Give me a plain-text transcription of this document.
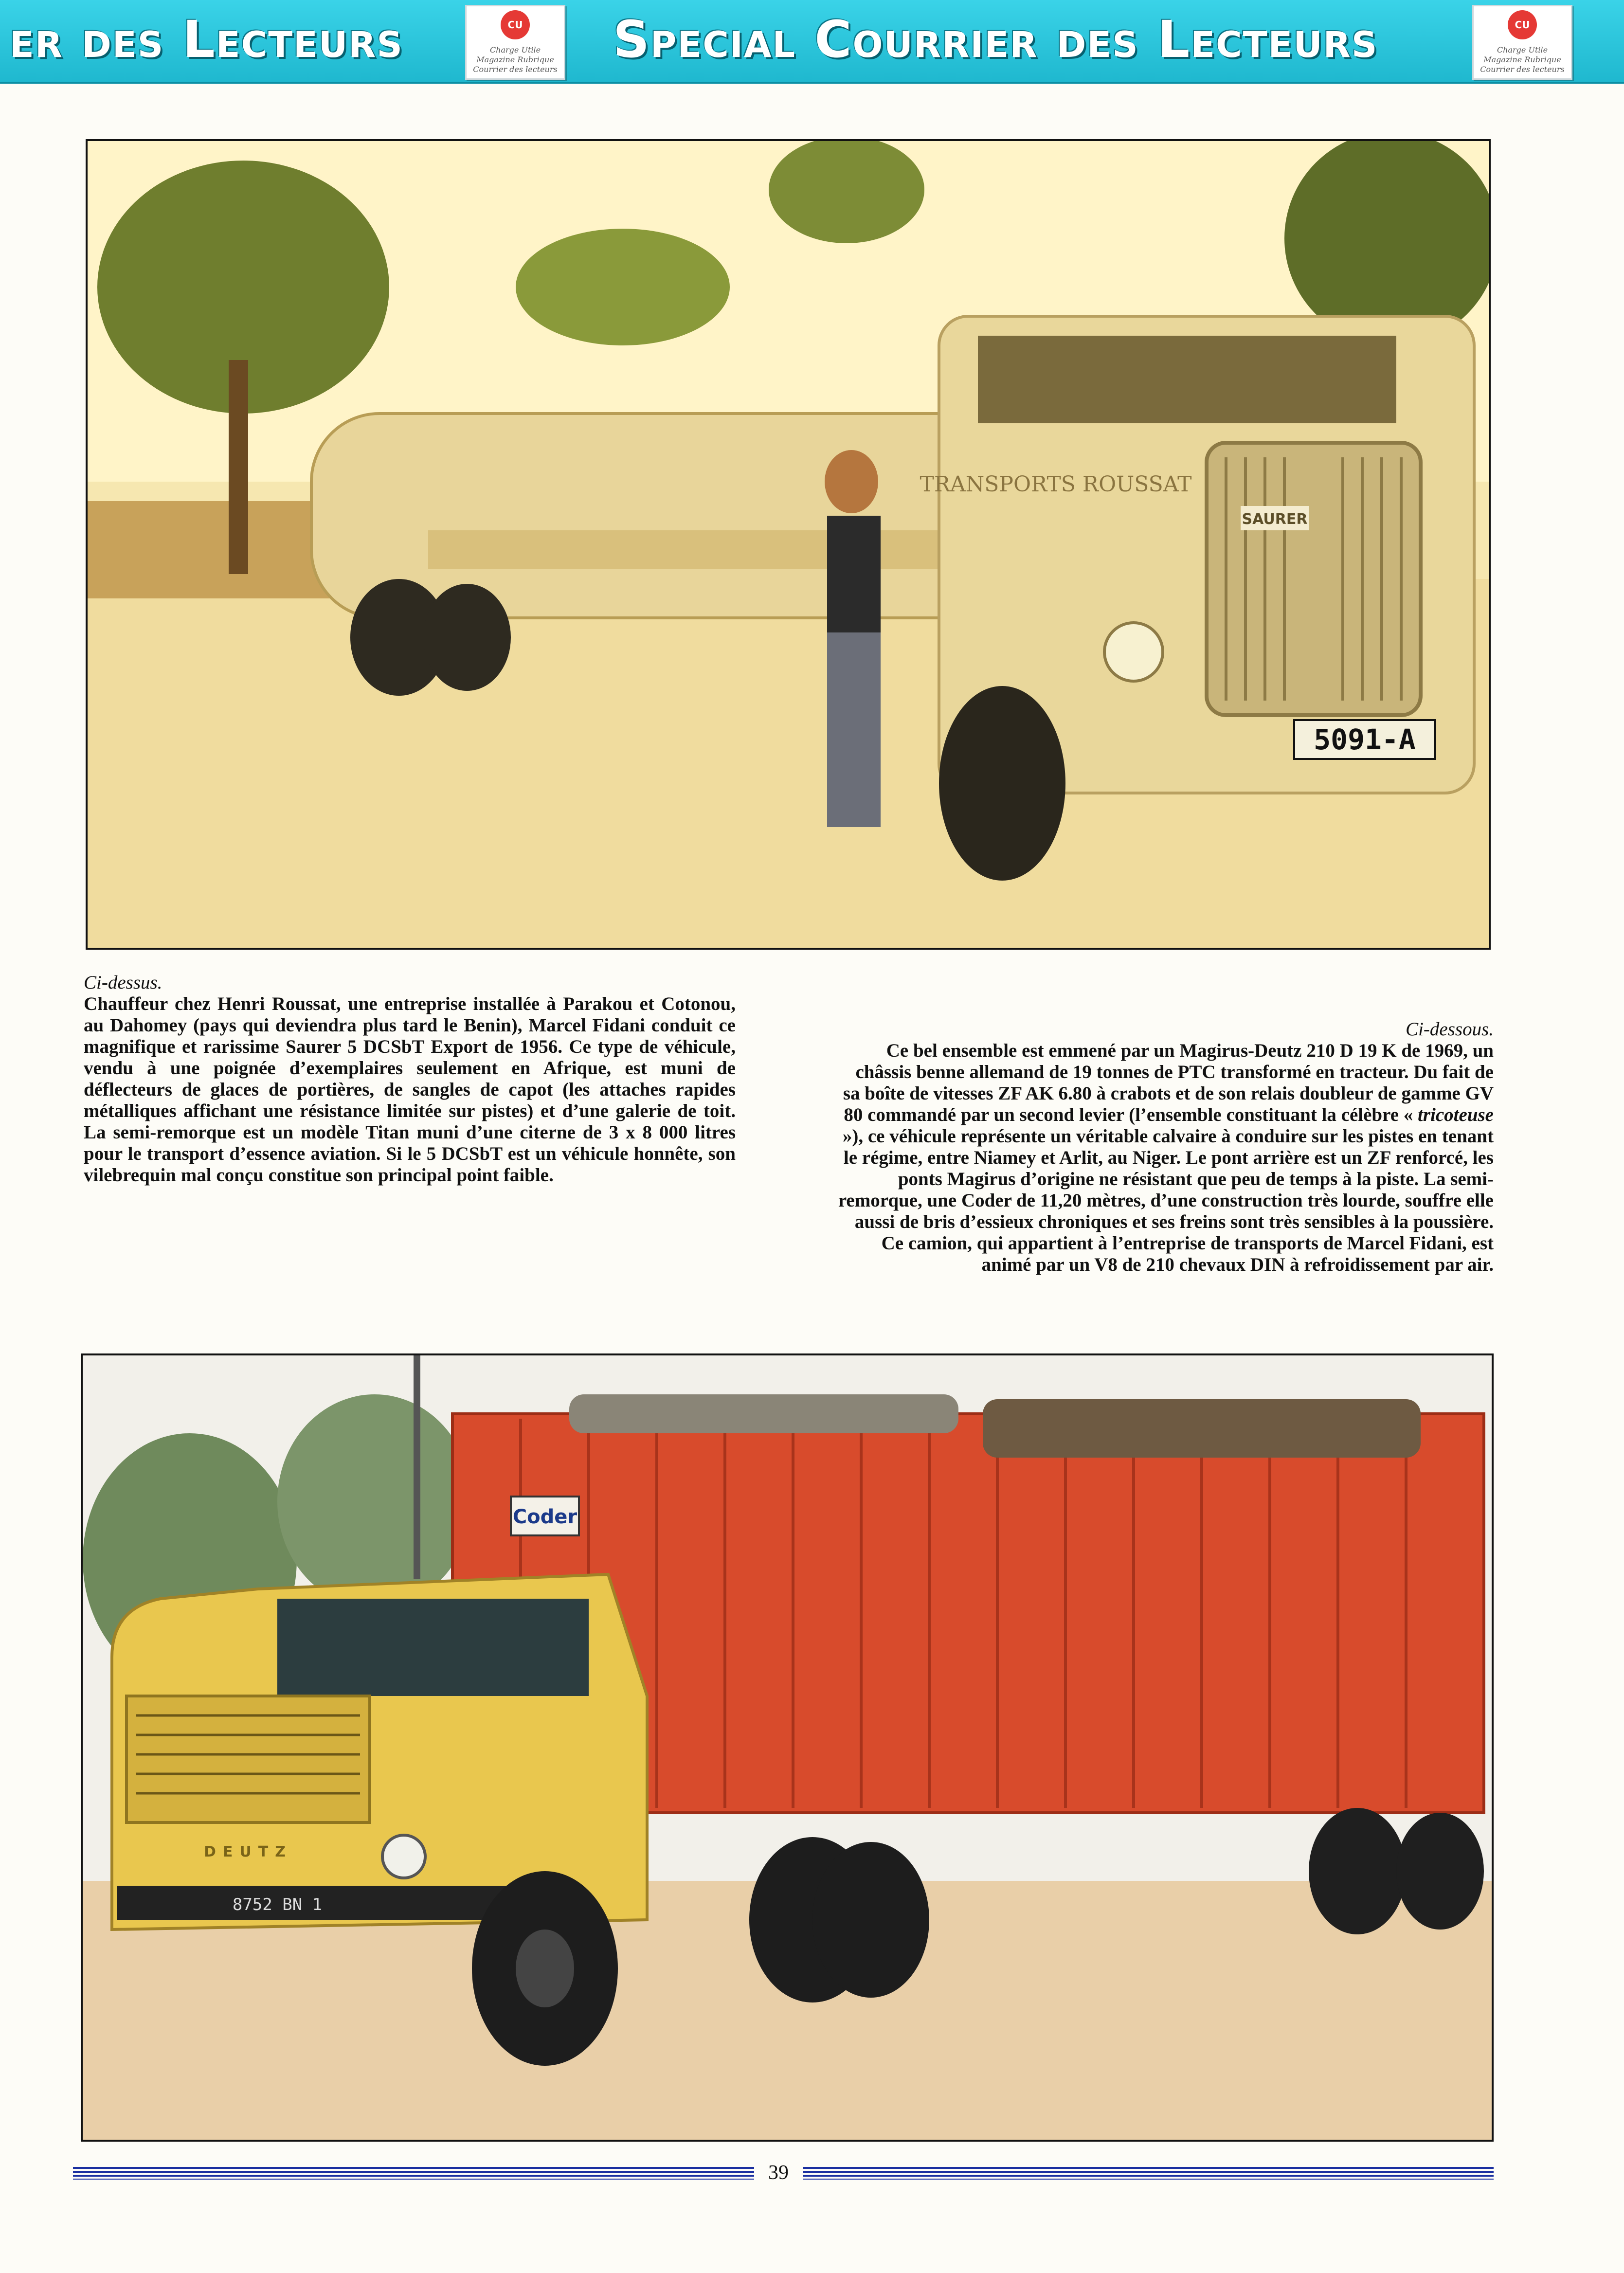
er des Lecteurs	CU
Charge Utile Magazine Rubrique Courrier des lecteurs
Special Courrier des Lecteurs	CU
Charge Utile Magazine Rubrique Courrier des lecteurs
SAURER
TRANSPORTS ROUSSAT
5091-A
Ci-dessus.
Chauffeur chez Henri Roussat, une entreprise installée à Parakou et Cotonou, au Dahomey (pays qui deviendra plus tard le Benin), Marcel Fidani conduit ce magnifique et rarissime Saurer 5 DCSbT Export de 1956. Ce type de véhicule, vendu à une poignée d’exemplaires seulement en Afrique, est muni de déflecteurs de glaces de portières, de sangles de capot (les attaches rapides métalliques affichant une résistance limitée sur pistes) et d’une galerie de toit. La semi-remorque est un modèle Titan muni d’une citerne de 3 x 8 000 litres pour le transport d’essence aviation. Si le 5 DCSbT est un véhicule honnête, son vilebrequin mal conçu constitue son principal point faible.
Ci-dessous.
Ce bel ensemble est emmené par un Magirus-Deutz 210 D 19 K de 1969, un châssis benne allemand de 19 tonnes de PTC transformé en tracteur. Du fait de sa boîte de vitesses ZF AK 6.80 à crabots et de son relais doubleur de gamme GV 80 commandé par un second levier (l’ensemble constituant la célèbre « tricoteuse »), ce véhicule représente un véritable calvaire à conduire sur les pistes en tenant le régime, entre Niamey et Arlit, au Niger. Le pont arrière est un ZF renforcé, les ponts Magirus d’origine ne résistant que peu de temps à la piste. La semi-remorque, une Coder de 11,20 mètres, d’une construction très lourde, souffre elle aussi de bris d’essieux chroniques et ses freins sont très sensibles à la poussière. Ce camion, qui appartient à l’entreprise de transports de Marcel Fidani, est animé par un V8 de 210 chevaux DIN à refroidissement par air.
Coder
DEUTZ
8752 BN 1
39
